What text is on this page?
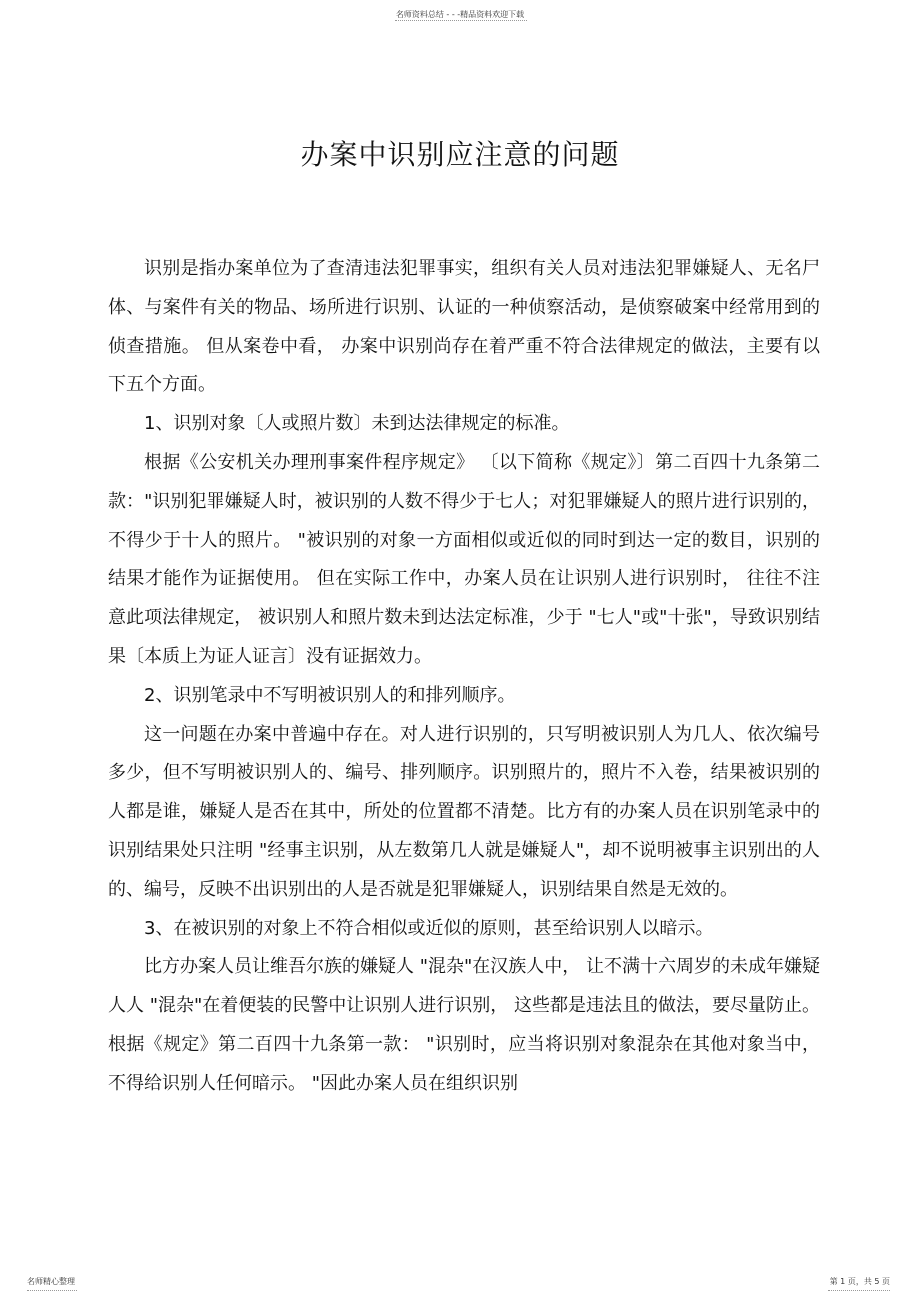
名师资料总结 - - -精品资料欢迎下载
办案中识别应注意的问题

识别是指办案单位为了查清违法犯罪事实，组织有关人员对违法犯罪嫌疑人、无名尸体、与案件有关的物品、场所进行识别、认证的一种侦察活动，是侦察破案中经常用到的侦查措施。 但从案卷中看， 办案中识别尚存在着严重不符合法律规定的做法，主要有以下五个方面。

1、识别对象〔人或照片数〕未到达法律规定的标准。

根据《公安机关办理刑事案件程序规定》 〔以下简称《规定》〕第二百四十九条第二款："识别犯罪嫌疑人时，被识别的人数不得少于七人；对犯罪嫌疑人的照片进行识别的，不得少于十人的照片。 "被识别的对象一方面相似或近似的同时到达一定的数目，识别的结果才能作为证据使用。 但在实际工作中，办案人员在让识别人进行识别时， 往往不注意此项法律规定， 被识别人和照片数未到达法定标准，少于 "七人"或"十张"，导致识别结果〔本质上为证人证言〕没有证据效力。

2、识别笔录中不写明被识别人的和排列顺序。

这一问题在办案中普遍中存在。对人进行识别的，只写明被识别人为几人、依次编号多少，但不写明被识别人的、编号、排列顺序。识别照片的，照片不入卷，结果被识别的人都是谁，嫌疑人是否在其中，所处的位置都不清楚。比方有的办案人员在识别笔录中的识别结果处只注明 "经事主识别，从左数第几人就是嫌疑人"，却不说明被事主识别出的人的、编号，反映不出识别出的人是否就是犯罪嫌疑人，识别结果自然是无效的。

3、在被识别的对象上不符合相似或近似的原则，甚至给识别人以暗示。

比方办案人员让维吾尔族的嫌疑人 "混杂"在汉族人中， 让不满十六周岁的未成年嫌疑人人 "混杂"在着便装的民警中让识别人进行识别， 这些都是违法且的做法，要尽量防止。根据《规定》第二百四十九条第一款： "识别时，应当将识别对象混杂在其他对象当中，不得给识别人任何暗示。 "因此办案人员在组织识别

名师精心整理	第 1 页，共 5 页
